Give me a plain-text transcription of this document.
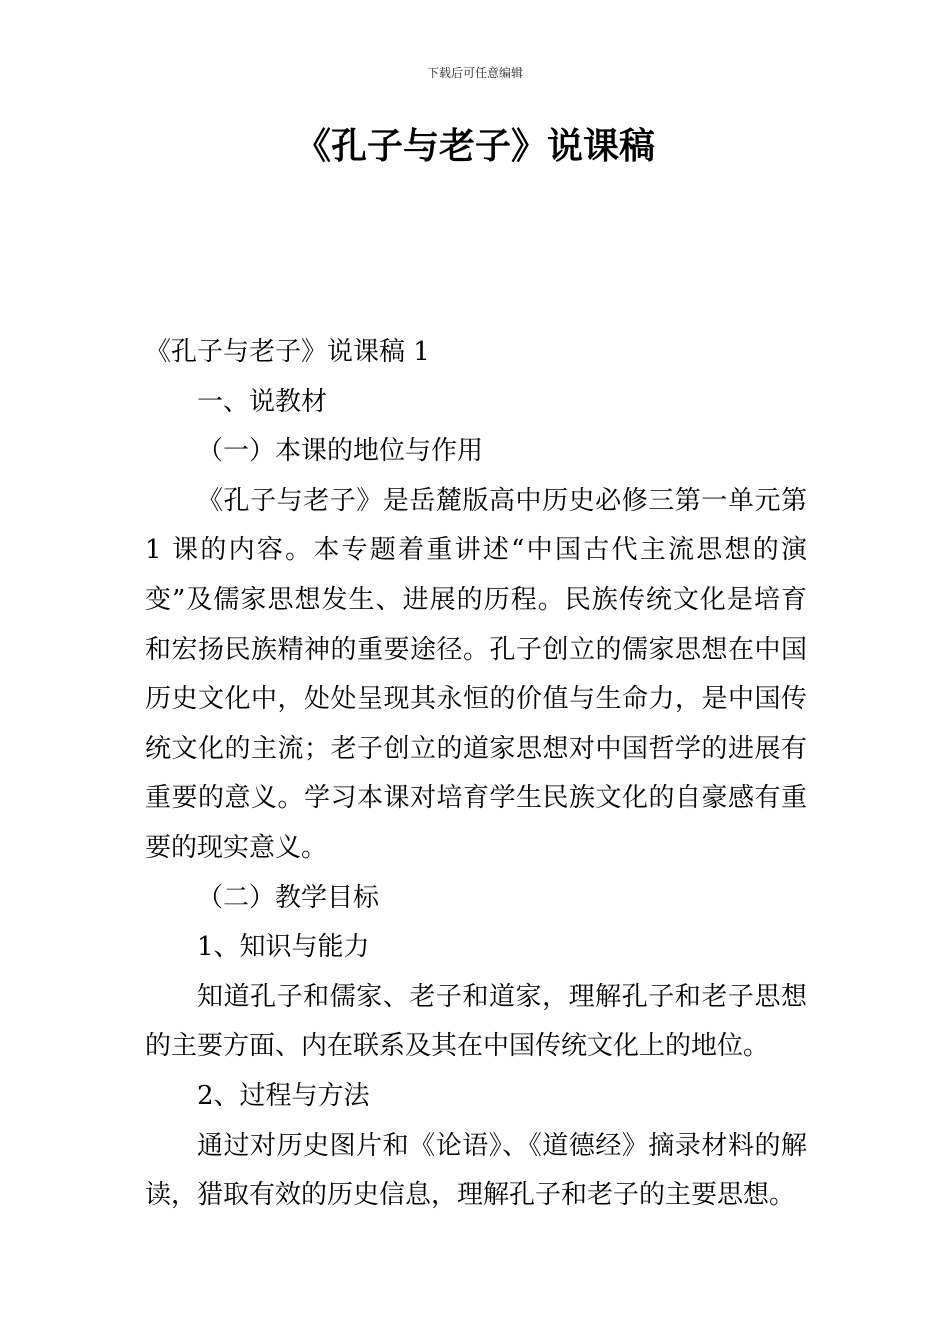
下载后可任意编辑
《孔子与老子》说课稿

《孔子与老子》说课稿 1

一、说教材

（一）本课的地位与作用

《孔子与老子》是岳麓版高中历史必修三第一单元第 1 课的内容。本专题着重讲述“中国古代主流思想的演变”及儒家思想发生、进展的历程。民族传统文化是培育和宏扬民族精神的重要途径。孔子创立的儒家思想在中国历史文化中，处处呈现其永恒的价值与生命力，是中国传统文化的主流；老子创立的道家思想对中国哲学的进展有重要的意义。学习本课对培育学生民族文化的自豪感有重要的现实意义。

（二）教学目标

1、知识与能力

知道孔子和儒家、老子和道家，理解孔子和老子思想的主要方面、内在联系及其在中国传统文化上的地位。

2、过程与方法

通过对历史图片和《论语》、《道德经》摘录材料的解读，猎取有效的历史信息，理解孔子和老子的主要思想。
